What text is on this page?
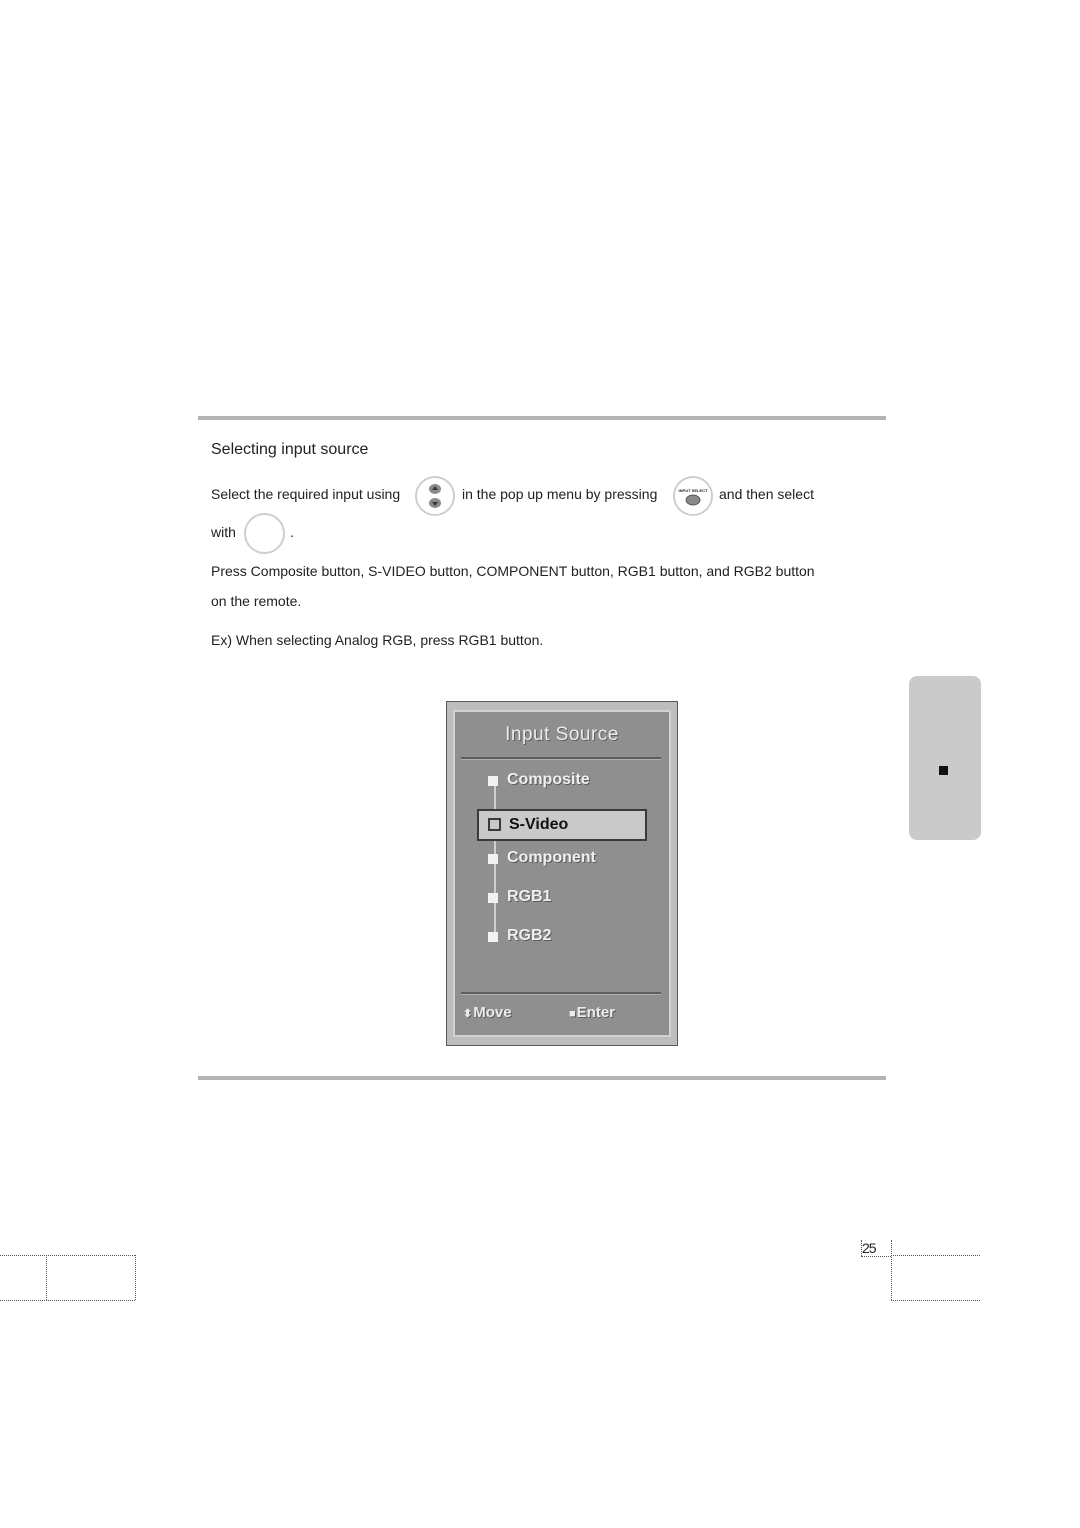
Selecting input source
Select the required input using	in the pop up menu by pressing	INPUT SELECT and then select
with	.
Press Composite button, S-VIDEO button, COMPONENT button, RGB1 button, and RGB2 button
on the remote.
Ex) When selecting Analog RGB, press RGB1 button.
Input Source
Composite
S-Video
Component
RGB1
RGB2
⬍Move	■Enter
25
